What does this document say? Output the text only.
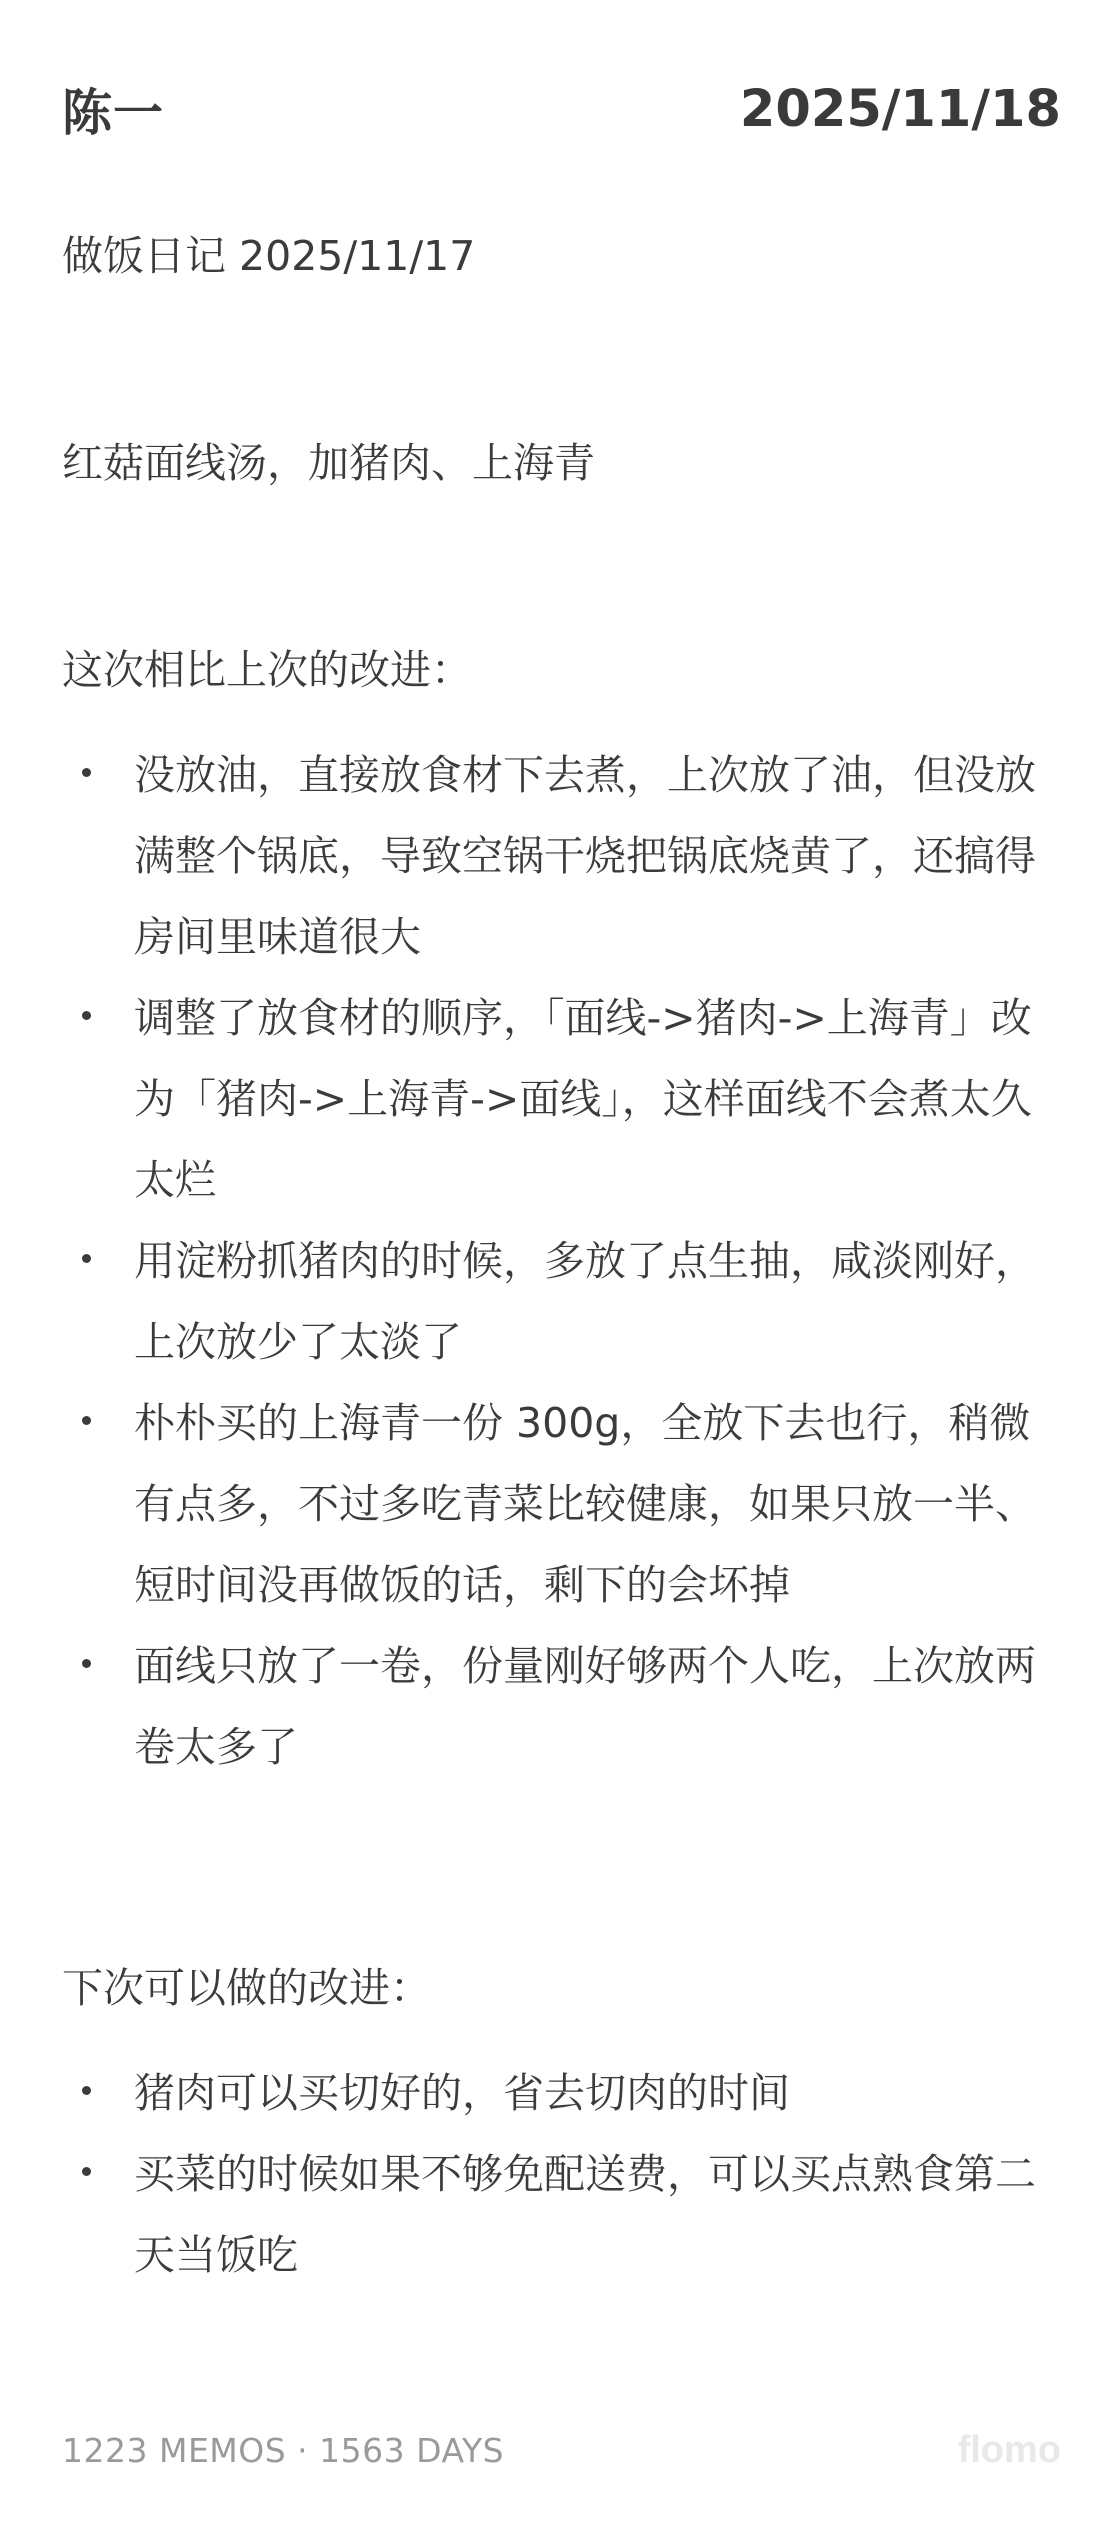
陈一	2025/11/18

做饭日记 2025/11/17

红菇面线汤，加猪肉、上海青

这次相比上次的改进：

没放油，直接放食材下去煮，上次放了油，但没放满整个锅底，导致空锅干烧把锅底烧黄了，还搞得房间里味道很大
调整了放食材的顺序，「面线->猪肉->上海青」改为「猪肉->上海青->面线」，这样面线不会煮太久太烂
用淀粉抓猪肉的时候，多放了点生抽，咸淡刚好，上次放少了太淡了
朴朴买的上海青一份 300g，全放下去也行，稍微有点多，不过多吃青菜比较健康，如果只放一半、短时间没再做饭的话，剩下的会坏掉
面线只放了一卷，份量刚好够两个人吃，上次放两卷太多了

下次可以做的改进：

猪肉可以买切好的，省去切肉的时间
买菜的时候如果不够免配送费，可以买点熟食第二天当饭吃
1223 MEMOS · 1563 DAYS	flomo
